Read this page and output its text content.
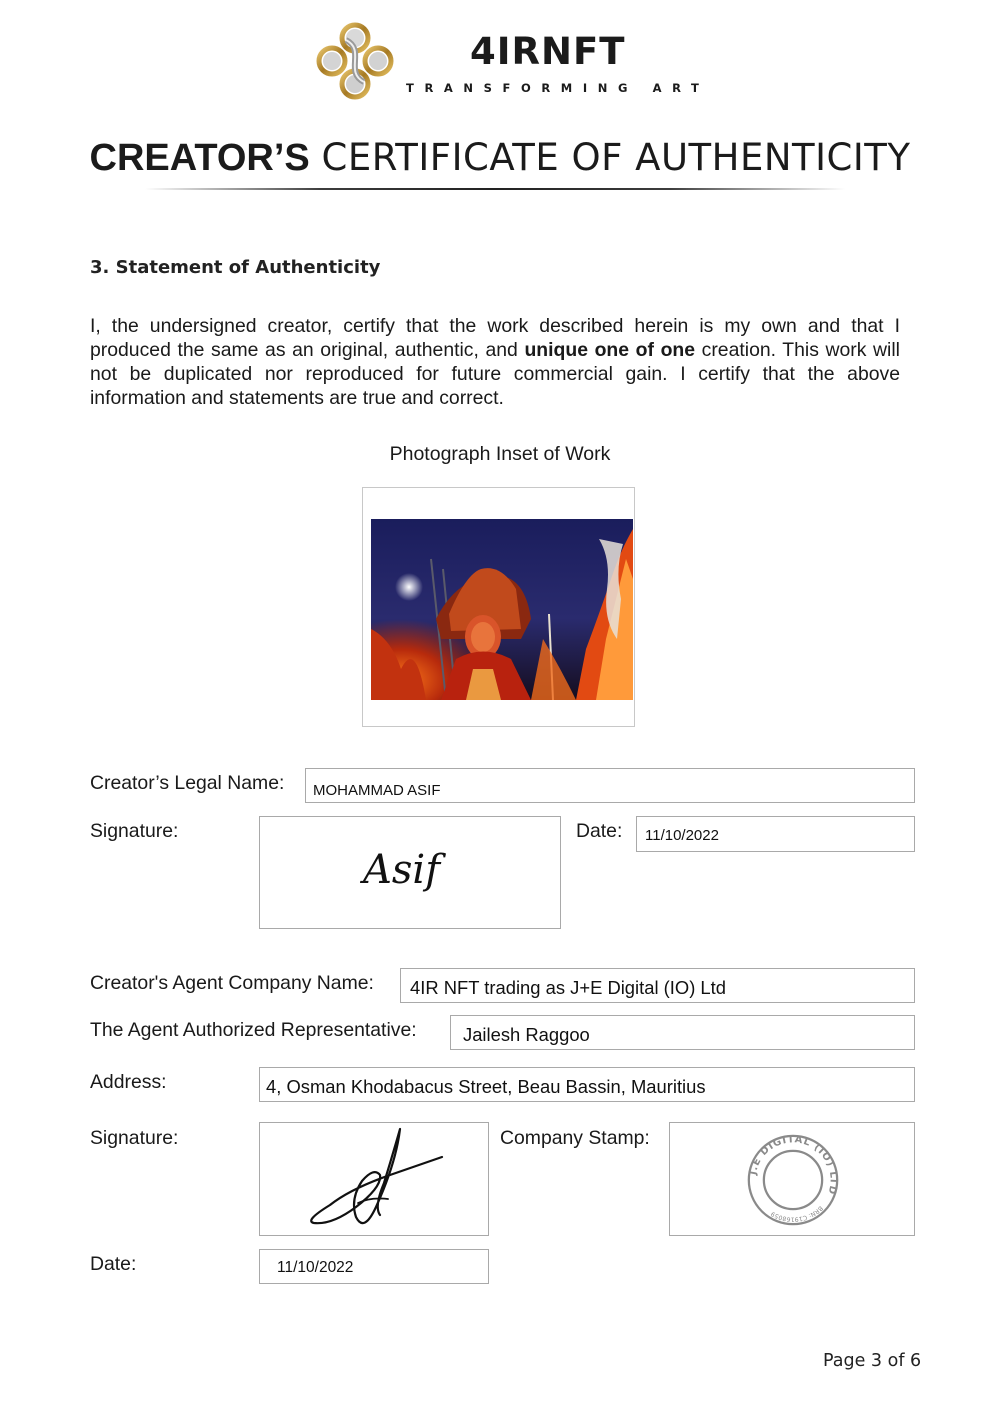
4IRNFT
TRANSFORMING ART
CREATOR’S CERTIFICATE OF AUTHENTICITY
3. Statement of Authenticity
I, the undersigned creator, certify that the work described herein is my own and that I produced the same as an original, authentic, and unique one of one creation. This work will not be duplicated nor reproduced for future commercial gain. I certify that the above information and statements are true and correct.
Photograph Inset of Work
Creator’s Legal Name: MOHAMMAD ASIF
Signature:
Asif
Date: 11/10/2022
Creator's Agent Company Name: 4IR NFT trading as J+E Digital (IO) Ltd
The Agent Authorized Representative:	Jailesh Raggoo
Address:	4, Osman Khodabacus Street, Beau Bassin, Mauritius
Signature:	Company Stamp:
J.E DIGITAL (IO) LTD
BRN: C19168059
Date:	11/10/2022
Page 3 of 6
